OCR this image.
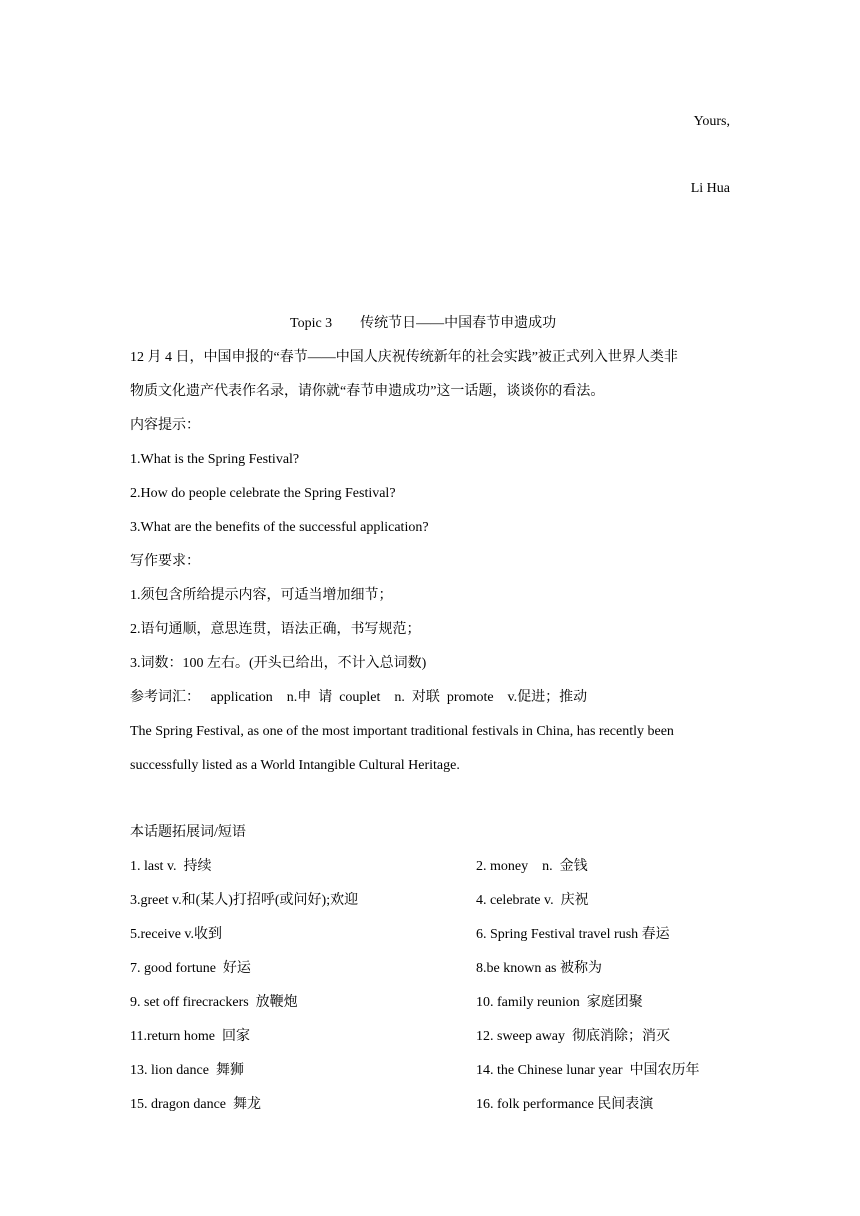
Yours,
Li Hua
Topic 3　　传统节日——中国春节申遗成功
12 月 4 日，中国申报的“春节——中国人庆祝传统新年的社会实践”被正式列入世界人类非
物质文化遗产代表作名录，请你就“春节申遗成功”这一话题，谈谈你的看法。
内容提示：
1.What is the Spring Festival?
2.How do people celebrate the Spring Festival?
3.What are the benefits of the successful application?
写作要求：
1.须包含所给提示内容，可适当增加细节；
2.语句通顺，意思连贯，语法正确，书写规范；
3.词数：100 左右。(开头已给出，不计入总词数)
参考词汇：   application    n.申  请  couplet    n.  对联  promote    v.促进；推动
The Spring Festival, as one of the most important traditional festivals in China, has recently been
successfully listed as a World Intangible Cultural Heritage.
本话题拓展词/短语
1. last v.  持续	2. money    n.  金钱
3.greet v.和(某人)打招呼(或问好);欢迎	4. celebrate v.  庆祝
5.receive v.收到	6. Spring Festival travel rush 春运
7. good fortune  好运	8.be known as 被称为
9. set off firecrackers  放鞭炮	10. family reunion  家庭团聚
11.return home  回家	12. sweep away  彻底消除；消灭
13. lion dance  舞狮	14. the Chinese lunar year  中国农历年
15. dragon dance  舞龙	16. folk performance 民间表演
